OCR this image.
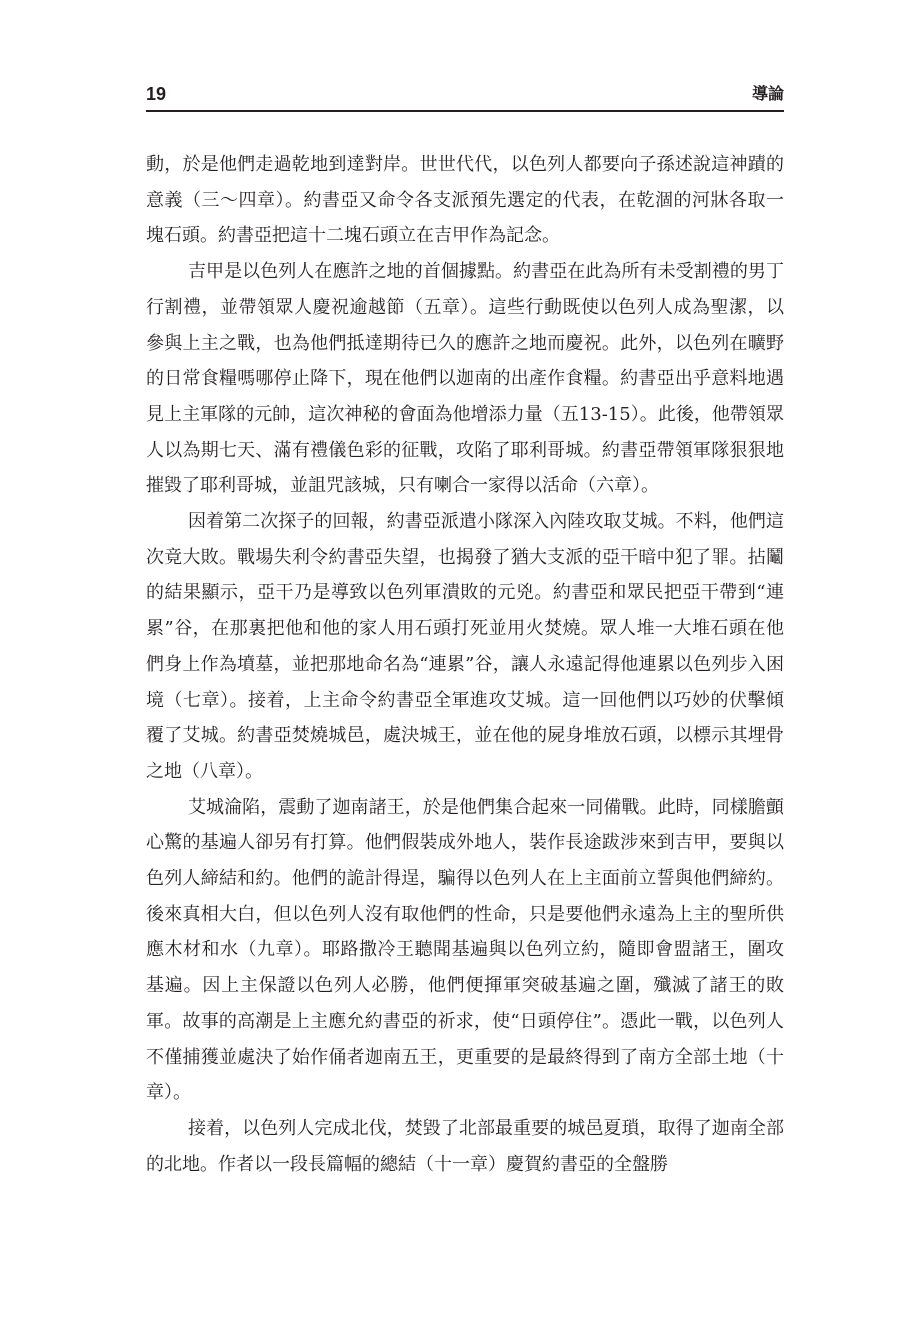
19	導論

動，於是他們走過乾地到達對岸。世世代代，以色列人都要向子孫述說這神蹟的意義（三～四章）。約書亞又命令各支派預先選定的代表，在乾涸的河牀各取一塊石頭。約書亞把這十二塊石頭立在吉甲作為記念。

吉甲是以色列人在應許之地的首個據點。約書亞在此為所有未受割禮的男丁行割禮，並帶領眾人慶祝逾越節（五章）。這些行動既使以色列人成為聖潔，以參與上主之戰，也為他們抵達期待已久的應許之地而慶祝。此外，以色列在曠野的日常食糧嗎哪停止降下，現在他們以迦南的出產作食糧。約書亞出乎意料地遇見上主軍隊的元帥，這次神秘的會面為他增添力量（五13-15）。此後，他帶領眾人以為期七天、滿有禮儀色彩的征戰，攻陷了耶利哥城。約書亞帶領軍隊狠狠地摧毀了耶利哥城，並詛咒該城，只有喇合一家得以活命（六章）。

因着第二次探子的回報，約書亞派遣小隊深入內陸攻取艾城。不料，他們這次竟大敗。戰場失利令約書亞失望，也揭發了猶大支派的亞干暗中犯了罪。拈鬮的結果顯示，亞干乃是導致以色列軍潰敗的元兇。約書亞和眾民把亞干帶到“連累”谷，在那裏把他和他的家人用石頭打死並用火焚燒。眾人堆一大堆石頭在他們身上作為墳墓，並把那地命名為“連累”谷，讓人永遠記得他連累以色列步入困境（七章）。接着，上主命令約書亞全軍進攻艾城。這一回他們以巧妙的伏擊傾覆了艾城。約書亞焚燒城邑，處決城王，並在他的屍身堆放石頭，以標示其埋骨之地（八章）。

艾城淪陷，震動了迦南諸王，於是他們集合起來一同備戰。此時，同樣膽顫心驚的基遍人卻另有打算。他們假裝成外地人，裝作長途跋涉來到吉甲，要與以色列人締結和約。他們的詭計得逞，騙得以色列人在上主面前立誓與他們締約。後來真相大白，但以色列人沒有取他們的性命，只是要他們永遠為上主的聖所供應木材和水（九章）。耶路撒冷王聽聞基遍與以色列立約，隨即會盟諸王，圍攻基遍。因上主保證以色列人必勝，他們便揮軍突破基遍之圍，殲滅了諸王的敗軍。故事的高潮是上主應允約書亞的祈求，使“日頭停住”。憑此一戰，以色列人不僅捕獲並處決了始作俑者迦南五王，更重要的是最終得到了南方全部土地（十章）。

接着，以色列人完成北伐，焚毀了北部最重要的城邑夏瑣，取得了迦南全部的北地。作者以一段長篇幅的總結（十一章）慶賀約書亞的全盤勝
